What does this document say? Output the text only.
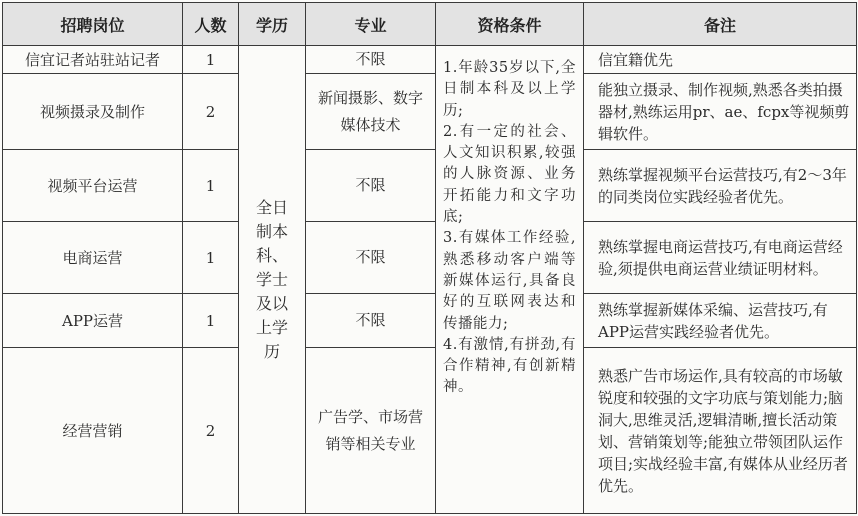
招聘岗位	人数	学历	专业	资格条件	备注
信宜记者站驻站记者	1	全日制本科、学士及以上学历	不限	1.年龄35岁以下,全日制本科及以上学历;
2.有一定的社会、人文知识积累,较强的人脉资源、业务开拓能力和文字功底;
3.有媒体工作经验,熟悉移动客户端等新媒体运行,具备良好的互联网表达和传播能力;
4.有激情,有拼劲,有合作精神,有创新精神。	信宜籍优先
视频摄录及制作	2		新闻摄影、数字媒体技术		能独立摄录、制作视频,熟悉各类拍摄器材,熟练运用pr、ae、fcpx等视频剪辑软件。
视频平台运营	1		不限		熟练掌握视频平台运营技巧,有2～3年的同类岗位实践经验者优先。
电商运营	1		不限		熟练掌握电商运营技巧,有电商运营经验,须提供电商运营业绩证明材料。
APP运营	1		不限		熟练掌握新媒体采编、运营技巧,有APP运营实践经验者优先。
经营营销	2		广告学、市场营销等相关专业		熟悉广告市场运作,具有较高的市场敏锐度和较强的文字功底与策划能力;脑洞大,思维灵活,逻辑清晰,擅长活动策划、营销策划等;能独立带领团队运作项目;实战经验丰富,有媒体从业经历者优先。
